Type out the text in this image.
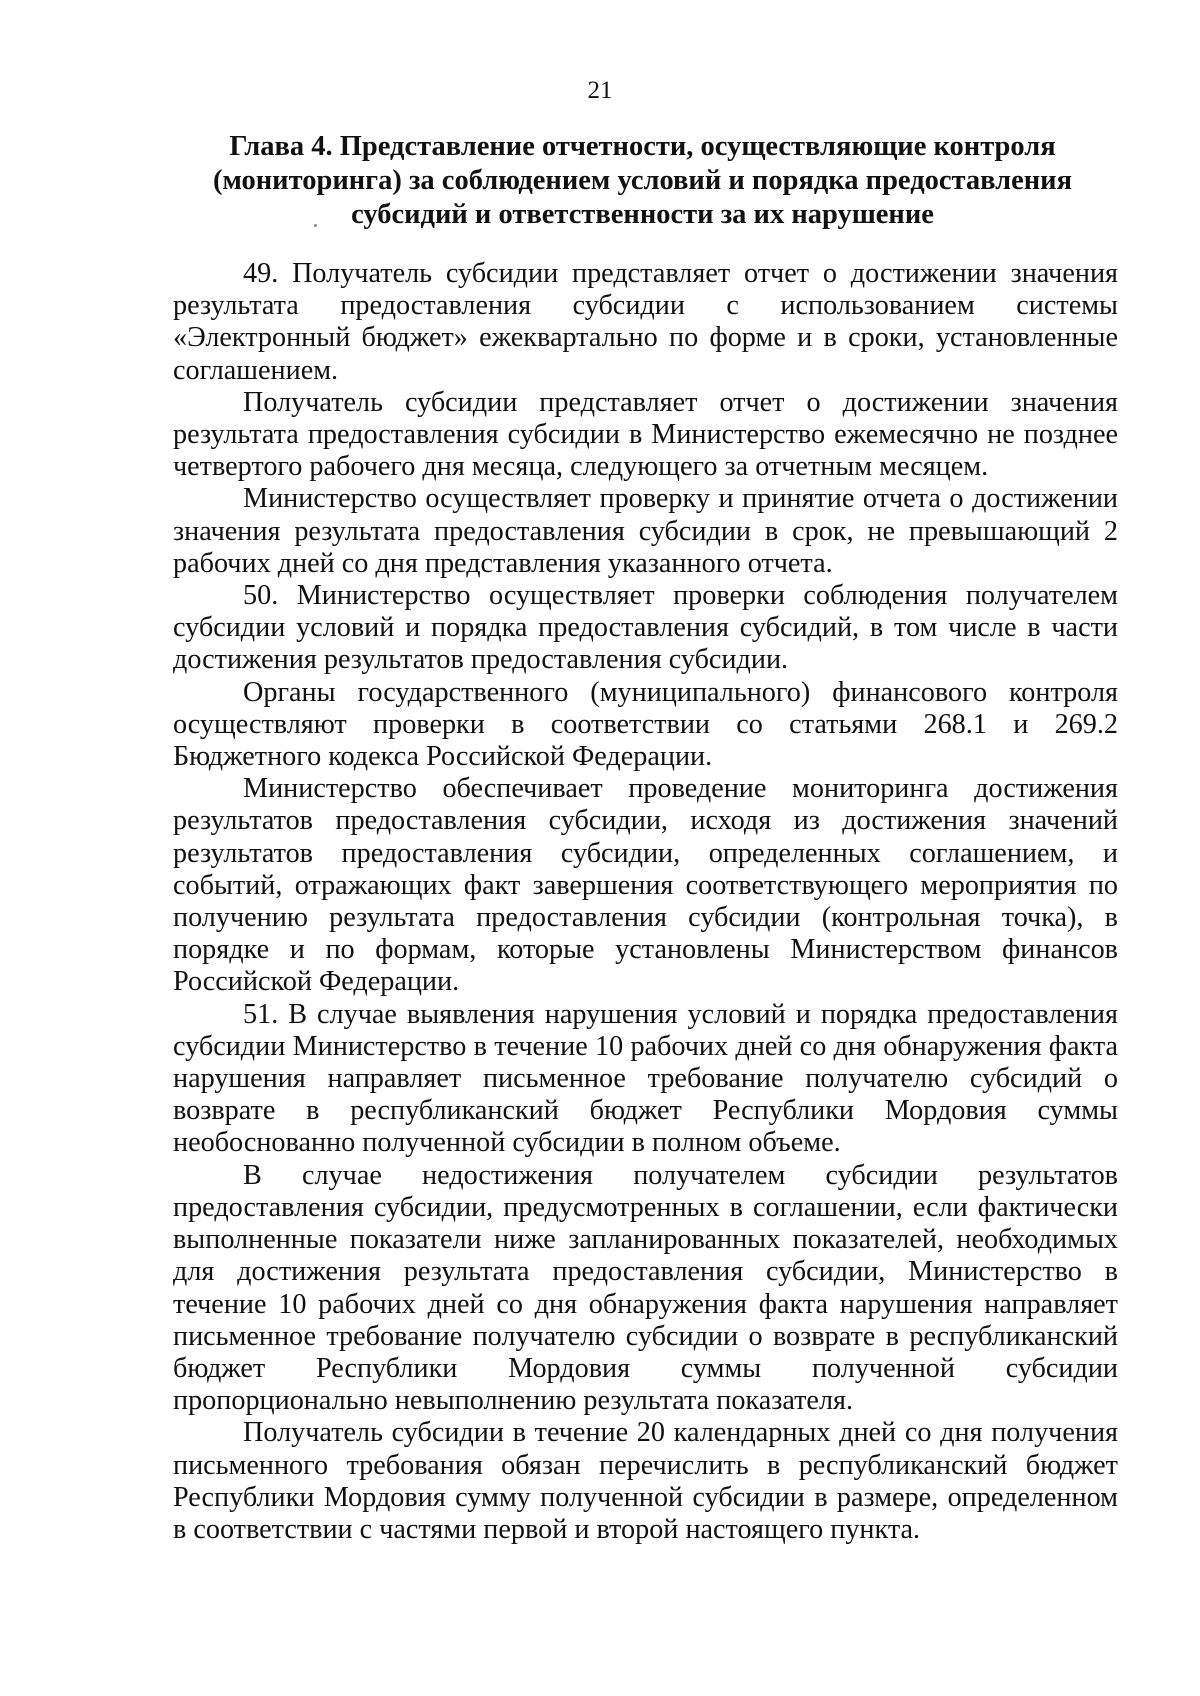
21
Глава 4. Представление отчетности, осуществляющие контроля (мониторинга) за соблюдением условий и порядка предоставления субсидий и ответственности за их нарушение

49. Получатель субсидии представляет отчет о достижении значения результата предоставления субсидии с использованием системы «Электронный бюджет» ежеквартально по форме и в сроки, установленные соглашением.

Получатель субсидии представляет отчет о достижении значения результата предоставления субсидии в Министерство ежемесячно не позднее четвертого рабочего дня месяца, следующего за отчетным месяцем.

Министерство осуществляет проверку и принятие отчета о достижении значения результата предоставления субсидии в срок, не превышающий 2 рабочих дней со дня представления указанного отчета.

50. Министерство осуществляет проверки соблюдения получателем субсидии условий и порядка предоставления субсидий, в том числе в части достижения результатов предоставления субсидии.

Органы государственного (муниципального) финансового контроля осуществляют проверки в соответствии со статьями 268.1 и 269.2 Бюджетного кодекса Российской Федерации.

Министерство обеспечивает проведение мониторинга достижения результатов предоставления субсидии, исходя из достижения значений результатов предоставления субсидии, определенных соглашением, и событий, отражающих факт завершения соответствующего мероприятия по получению результата предоставления субсидии (контрольная точка), в порядке и по формам, которые установлены Министерством финансов Российской Федерации.

51. В случае выявления нарушения условий и порядка предоставления субсидии Министерство в течение 10 рабочих дней со дня обнаружения факта нарушения направляет письменное требование получателю субсидий о возврате в республиканский бюджет Республики Мордовия суммы необоснованно полученной субсидии в полном объеме.

В случае недостижения получателем субсидии результатов предоставления субсидии, предусмотренных в соглашении, если фактически выполненные показатели ниже запланированных показателей, необходимых для достижения результата предоставления субсидии, Министерство в течение 10 рабочих дней со дня обнаружения факта нарушения направляет письменное требование получателю субсидии о возврате в республиканский бюджет Республики Мордовия суммы полученной субсидии пропорционально невыполнению результата показателя.

Получатель субсидии в течение 20 календарных дней со дня получения письменного требования обязан перечислить в республиканский бюджет Республики Мордовия сумму полученной субсидии в размере, определенном в соответствии с частями первой и второй настоящего пункта.
